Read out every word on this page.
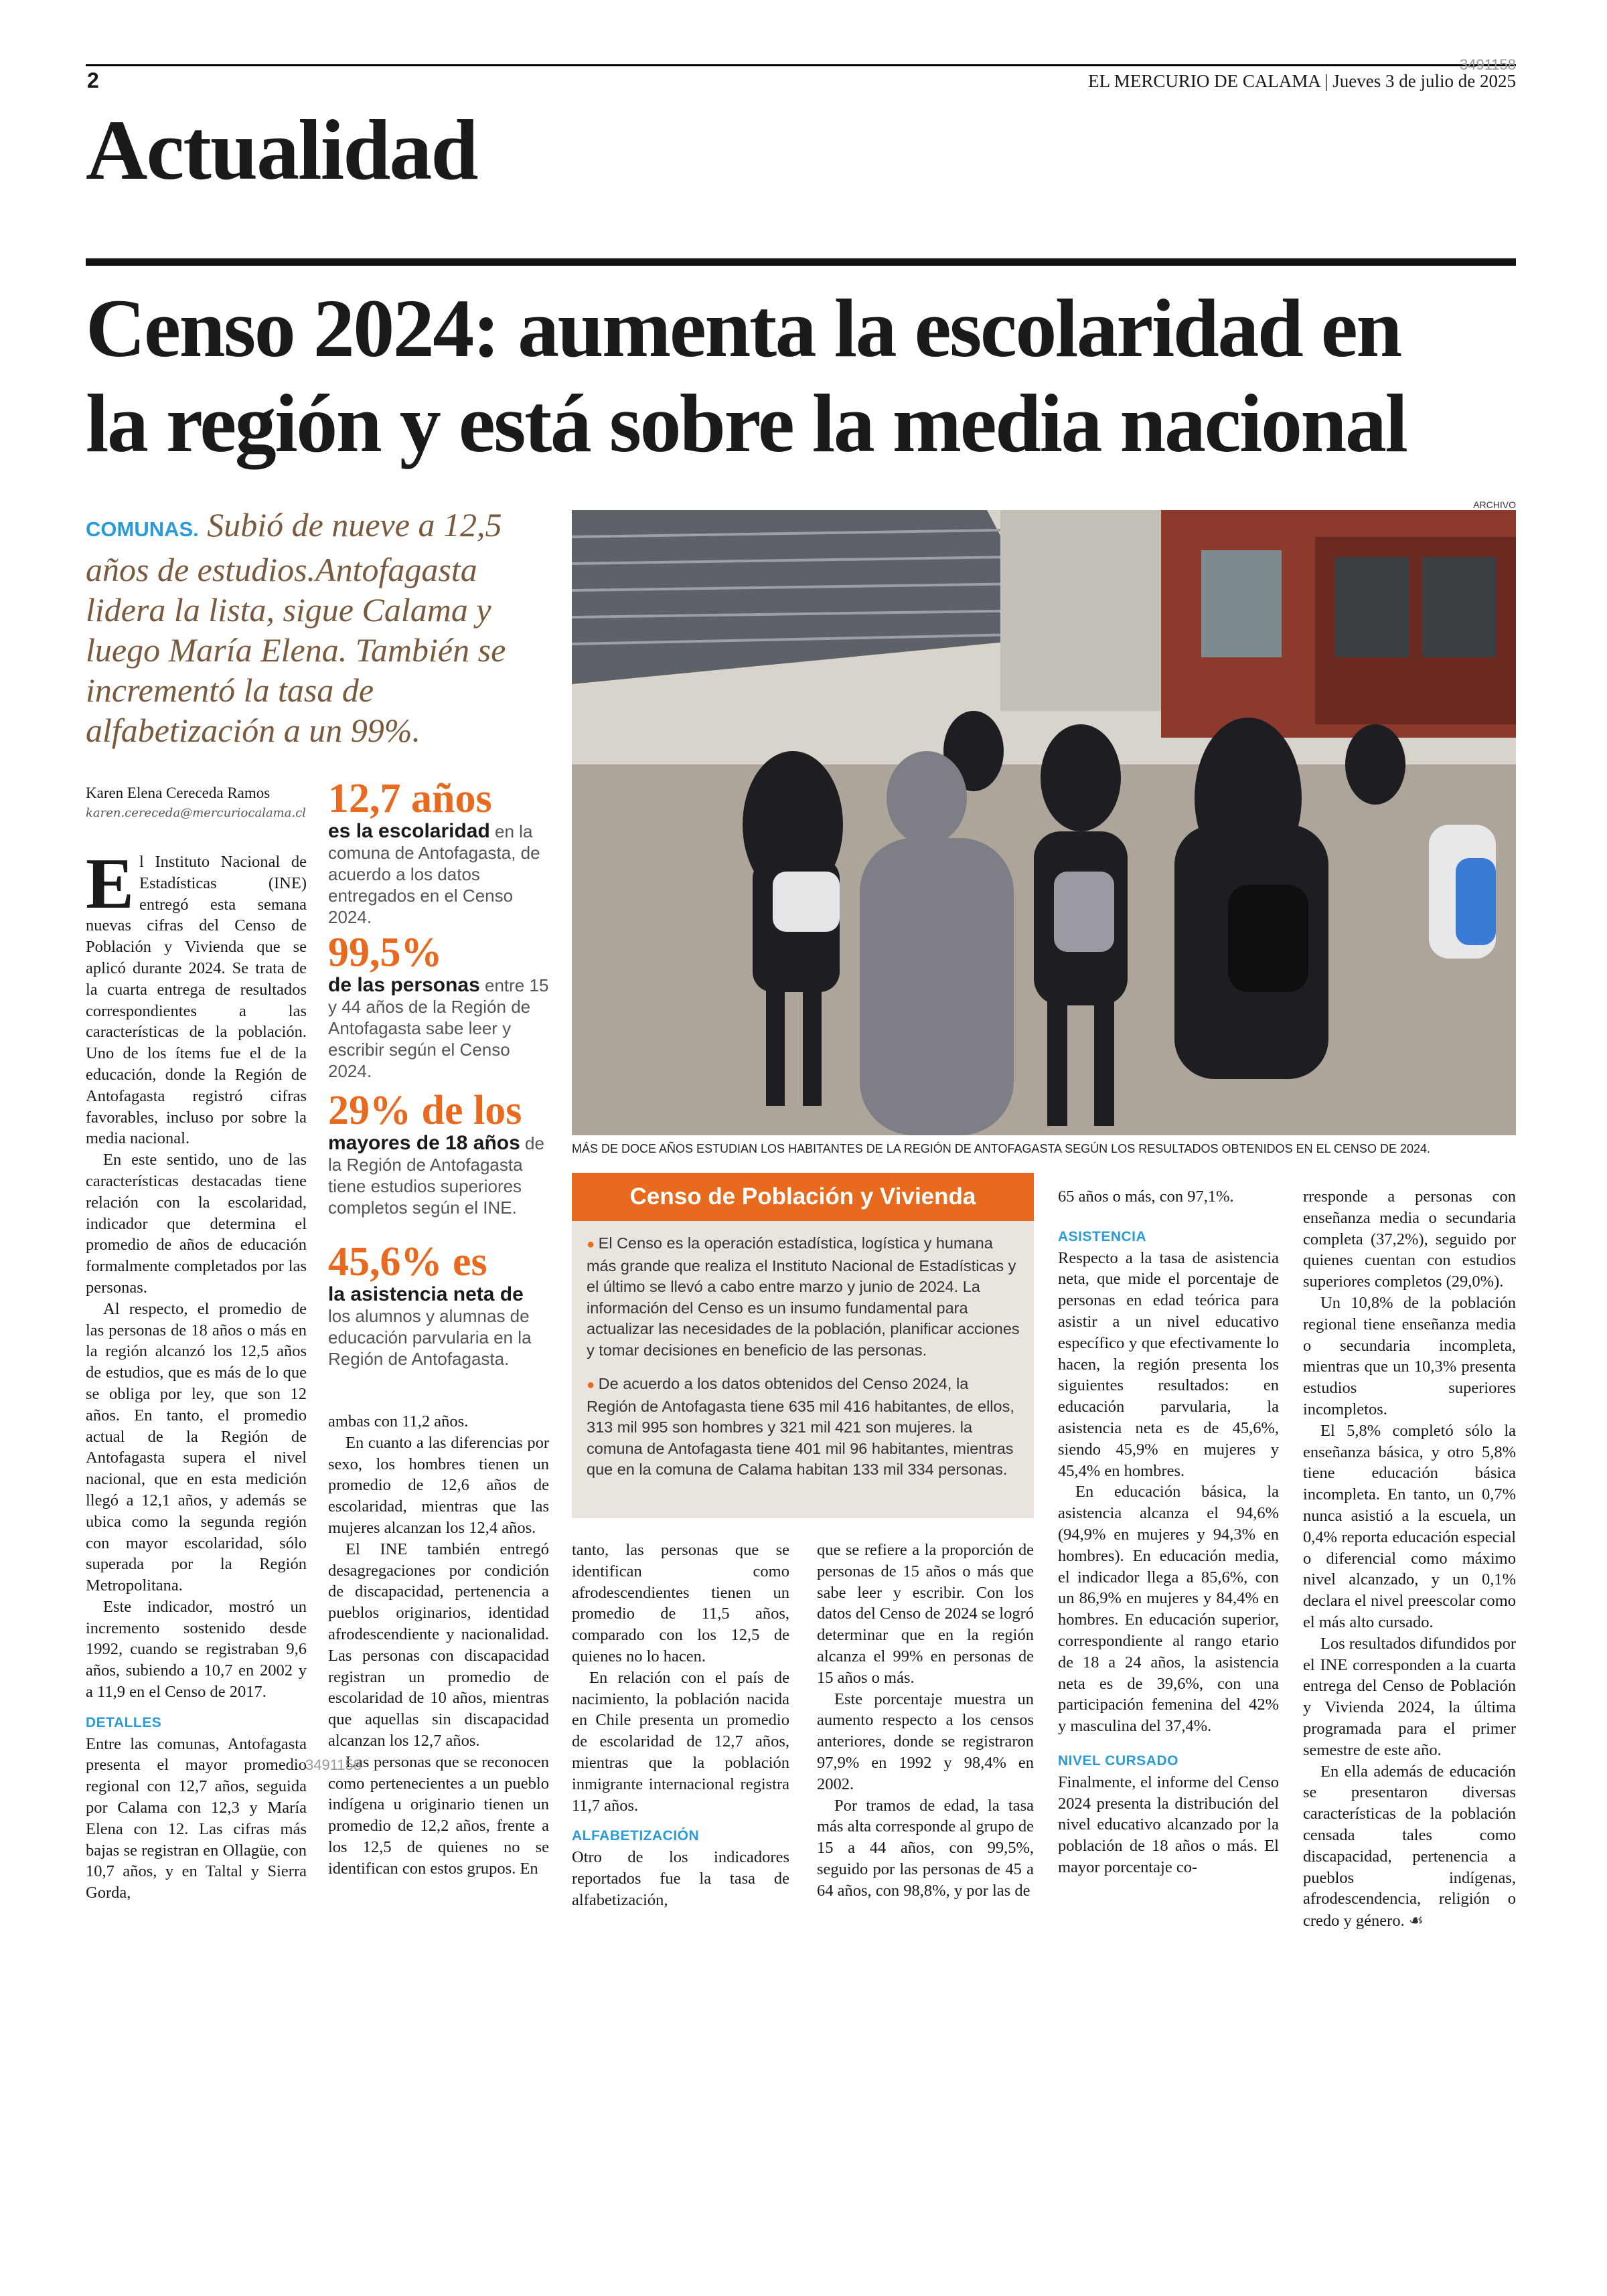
3491158
2	EL MERCURIO DE CALAMA | Jueves 3 de julio de 2025
Actualidad
Censo 2024: aumenta la escolaridad en
la región y está sobre la media nacional
COMUNAS. Subió de nueve a 12,5 años de estudios.Antofagasta lidera la lista, sigue Calama y luego María Elena. También se incrementó la tasa de alfabetización a un 99%.
ARCHIVO
MÁS DE DOCE AÑOS ESTUDIAN LOS HABITANTES DE LA REGIÓN DE ANTOFAGASTA SEGÚN LOS RESULTADOS OBTENIDOS EN EL CENSO DE 2024.
Karen Elena Cereceda Ramos
karen.cereceda@mercuriocalama.cl 12,7 años
es la escolaridad en la comuna de Antofagasta, de acuerdo a los datos entregados en el Censo 2024.
99,5%
de las personas entre 15 y 44 años de la Región de Antofagasta sabe leer y escribir según el Censo 2024.
29% de los
mayores de 18 años de la Región de Antofagasta tiene estudios superiores completos según el INE.
45,6% es
la asistencia neta de los alumnos y alumnas de educación parvularia en la Región de Antofagasta.

El Instituto Nacional de Estadísticas (INE) entregó esta semana nuevas cifras del Censo de Población y Vivienda que se aplicó durante 2024. Se trata de la cuarta entrega de resultados correspondientes a las características de la población. Uno de los ítems fue el de la educación, donde la Región de Antofagasta registró cifras favorables, incluso por sobre la media nacional.

En este sentido, uno de las características destacadas tiene relación con la escolaridad, indicador que determina el promedio de años de educación formalmente completados por las personas.

Al respecto, el promedio de las personas de 18 años o más en la región alcanzó los 12,5 años de estudios, que es más de lo que se obliga por ley, que son 12 años. En tanto, el promedio actual de la Región de Antofagasta supera el nivel nacional, que en esta medición llegó a 12,1 años, y además se ubica como la segunda región con mayor escolaridad, sólo superada por la Región Metropolitana.

Este indicador, mostró un incremento sostenido desde 1992, cuando se registraban 9,6 años, subiendo a 10,7 en 2002 y a 11,9 en el Censo de 2017.

DETALLES

Entre las comunas, Antofagasta presenta el mayor promedio regional con 12,7 años, seguida por Calama con 12,3 y María Elena con 12. Las cifras más bajas se registran en Ollagüe, con 10,7 años, y en Taltal y Sierra Gorda,

ambas con 11,2 años.

En cuanto a las diferencias por sexo, los hombres tienen un promedio de 12,6 años de escolaridad, mientras que las mujeres alcanzan los 12,4 años.

El INE también entregó desagregaciones por condición de discapacidad, pertenencia a pueblos originarios, identidad afrodescendiente y nacionalidad. Las personas con discapacidad registran un promedio de escolaridad de 10 años, mientras que aquellas sin discapacidad alcanzan los 12,7 años.

Las personas que se reconocen como pertenecientes a un pueblo indígena u originario tienen un promedio de 12,2 años, frente a los 12,5 de quienes no se identifican con estos grupos. En

3491158
Censo de Población y Vivienda
● El Censo es la operación estadística, logística y humana más grande que realiza el Instituto Nacional de Estadísticas y el último se llevó a cabo entre marzo y junio de 2024. La información del Censo es un insumo fundamental para actualizar las necesidades de la población, planificar acciones y tomar decisiones en beneficio de las personas.
● De acuerdo a los datos obtenidos del Censo 2024, la Región de Antofagasta tiene 635 mil 416 habitantes, de ellos, 313 mil 995 son hombres y 321 mil 421 son mujeres. la comuna de Antofagasta tiene 401 mil 96 habitantes, mientras que en la comuna de Calama habitan 133 mil 334 personas.

tanto, las personas que se identifican como afrodescendientes tienen un promedio de 11,5 años, comparado con los 12,5 de quienes no lo hacen.

En relación con el país de nacimiento, la población nacida en Chile presenta un promedio de escolaridad de 12,7 años, mientras que la población inmigrante internacional registra 11,7 años.

ALFABETIZACIÓN

Otro de los indicadores reportados fue la tasa de alfabetización,

que se refiere a la proporción de personas de 15 años o más que sabe leer y escribir. Con los datos del Censo de 2024 se logró determinar que en la región alcanza el 99% en personas de 15 años o más.

Este porcentaje muestra un aumento respecto a los censos anteriores, donde se registraron 97,9% en 1992 y 98,4% en 2002.

Por tramos de edad, la tasa más alta corresponde al grupo de 15 a 44 años, con 99,5%, seguido por las personas de 45 a 64 años, con 98,8%, y por las de

65 años o más, con 97,1%.

ASISTENCIA

Respecto a la tasa de asistencia neta, que mide el porcentaje de personas en edad teórica para asistir a un nivel educativo específico y que efectivamente lo hacen, la región presenta los siguientes resultados: en educación parvularia, la asistencia neta es de 45,6%, siendo 45,9% en mujeres y 45,4% en hombres.

En educación básica, la asistencia alcanza el 94,6% (94,9% en mujeres y 94,3% en hombres). En educación media, el indicador llega a 85,6%, con un 86,9% en mujeres y 84,4% en hombres. En educación superior, correspondiente al rango etario de 18 a 24 años, la asistencia neta es de 39,6%, con una participación femenina del 42% y masculina del 37,4%.

NIVEL CURSADO

Finalmente, el informe del Censo 2024 presenta la distribución del nivel educativo alcanzado por la población de 18 años o más. El mayor porcentaje co-

rresponde a personas con enseñanza media o secundaria completa (37,2%), seguido por quienes cuentan con estudios superiores completos (29,0%).

Un 10,8% de la población regional tiene enseñanza media o secundaria incompleta, mientras que un 10,3% presenta estudios superiores incompletos.

El 5,8% completó sólo la enseñanza básica, y otro 5,8% tiene educación básica incompleta. En tanto, un 0,7% nunca asistió a la escuela, un 0,4% reporta educación especial o diferencial como máximo nivel alcanzado, y un 0,1% declara el nivel preescolar como el más alto cursado.

Los resultados difundidos por el INE corresponden a la cuarta entrega del Censo de Población y Vivienda 2024, la última programada para el primer semestre de este año.

En ella además de educación se presentaron diversas características de la población censada tales como discapacidad, pertenencia a pueblos indígenas, afrodescendencia, religión o credo y género. ☙
